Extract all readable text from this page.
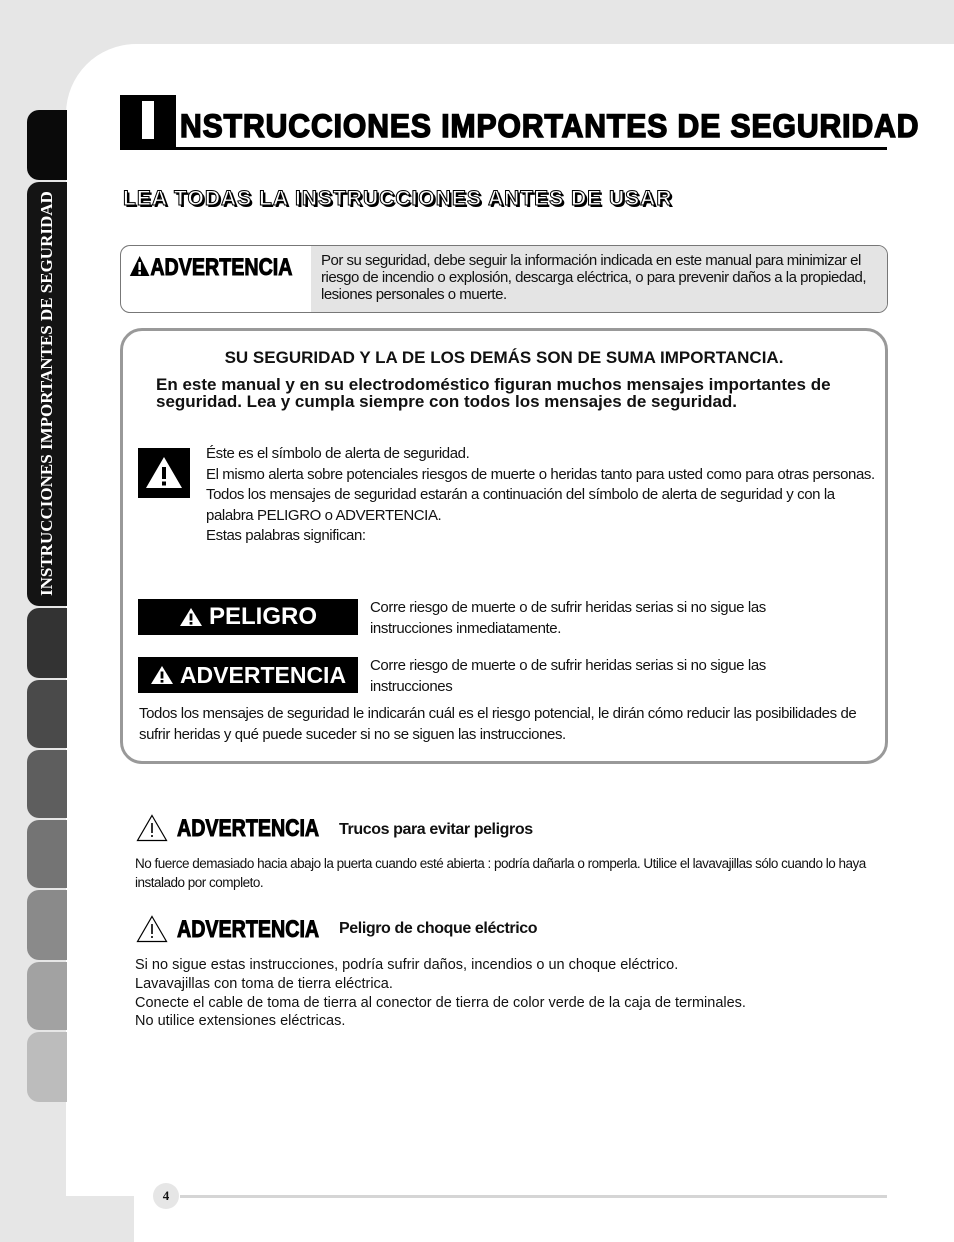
INSTRUCCIONES IMPORTANTES DE SEGURIDAD
NSTRUCCIONES IMPORTANTES DE SEGURIDAD
LEA TODAS LA INSTRUCCIONES ANTES DE USAR
ADVERTENCIA Por su seguridad, debe seguir la información indicada en este manual para minimizar el riesgo de incendio o explosión, descarga eléctrica, o para prevenir daños a la propiedad, lesiones personales o muerte.
SU SEGURIDAD Y LA DE LOS DEMÁS SON DE SUMA IMPORTANCIA.
En este manual y en su electrodoméstico figuran muchos mensajes importantes de seguridad. Lea y cumpla siempre con todos los mensajes de seguridad.
Éste es el símbolo de alerta de seguridad.
El mismo alerta sobre potenciales riesgos de muerte o heridas tanto para usted como para otras personas.
Todos los mensajes de seguridad estarán a continuación del símbolo de alerta de seguridad y con la palabra PELIGRO o ADVERTENCIA.
Estas palabras significan:
PELIGRO	Corre riesgo de muerte o de sufrir heridas serias si no sigue las instrucciones inmediatamente.
ADVERTENCIA Corre riesgo de muerte o de sufrir heridas serias si no sigue las instrucciones
Todos los mensajes de seguridad le indicarán cuál es el riesgo potencial, le dirán cómo reducir las posibilidades de sufrir heridas y qué puede suceder si no se siguen las instrucciones.
ADVERTENCIA Trucos para evitar peligros
No fuerce demasiado hacia abajo la puerta cuando esté abierta : podría dañarla o romperla. Utilice el lavavajillas sólo cuando lo haya instalado por completo.
ADVERTENCIA Peligro de choque eléctrico
Si no sigue estas instrucciones, podría sufrir daños, incendios o un choque eléctrico.
Lavavajillas con toma de tierra eléctrica.
Conecte el cable de toma de tierra al conector de tierra de color verde de la caja de terminales.
No utilice extensiones eléctricas.
4
